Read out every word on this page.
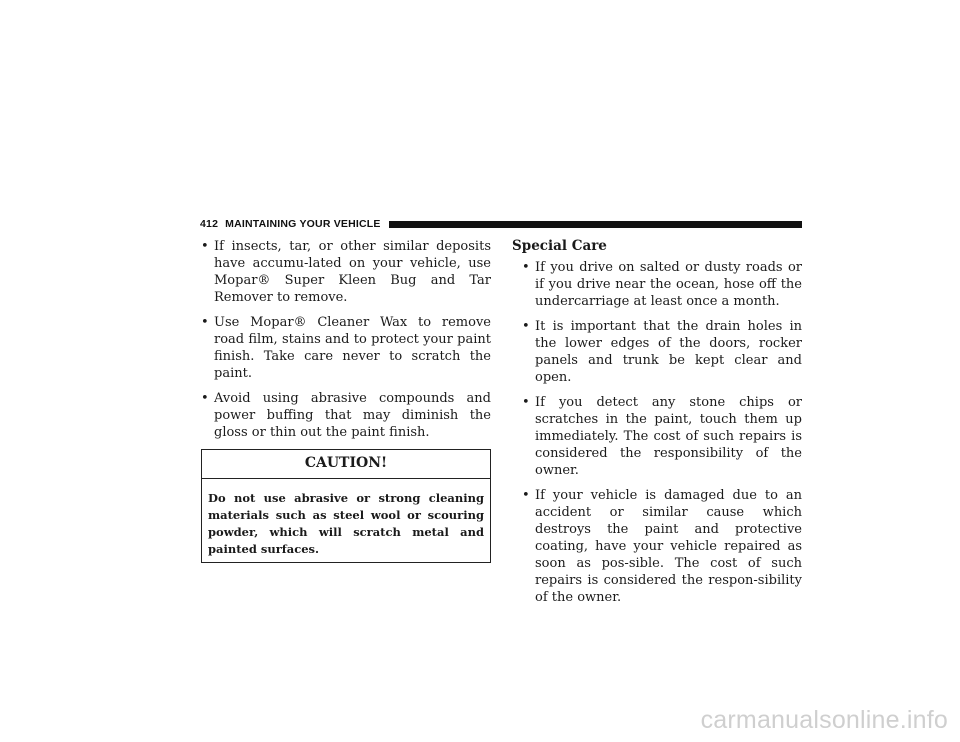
412 MAINTAINING YOUR VEHICLE
• If insects, tar, or other similar deposits have accumu-lated on your vehicle, use Mopar® Super Kleen Bug and Tar Remover to remove.
• Use Mopar® Cleaner Wax to remove road film, stains and to protect your paint finish. Take care never to scratch the paint.
• Avoid using abrasive compounds and power buffing that may diminish the gloss or thin out the paint finish.
CAUTION!
Do not use abrasive or strong cleaning materials such as steel wool or scouring powder, which will scratch metal and painted surfaces.
Special Care
• If you drive on salted or dusty roads or if you drive near the ocean, hose off the undercarriage at least once a month.
• It is important that the drain holes in the lower edges of the doors, rocker panels and trunk be kept clear and open.
• If you detect any stone chips or scratches in the paint, touch them up immediately. The cost of such repairs is considered the responsibility of the owner.
• If your vehicle is damaged due to an accident or similar cause which destroys the paint and protective coating, have your vehicle repaired as soon as pos-sible. The cost of such repairs is considered the respon-sibility of the owner.
carmanualsonline.info
